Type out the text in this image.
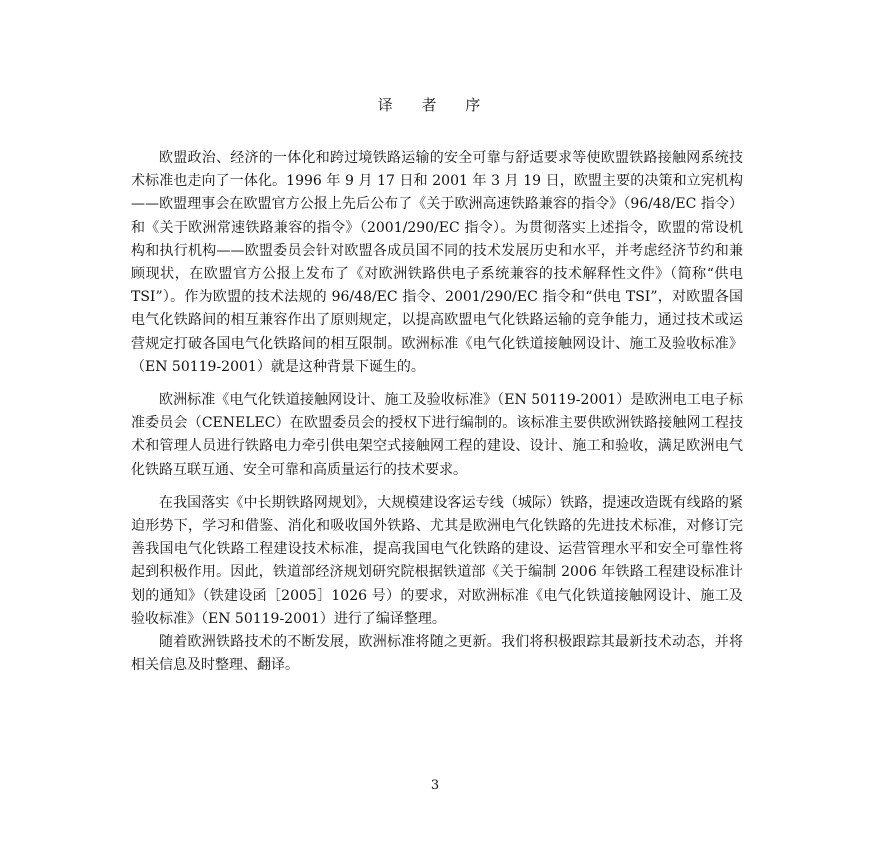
译 者 序

欧盟政治、经济的一体化和跨过境铁路运输的安全可靠与舒适要求等使欧盟铁路接触网系统技术标准也走向了一体化。1996 年 9 月 17 日和 2001 年 3 月 19 日，欧盟主要的决策和立宪机构——欧盟理事会在欧盟官方公报上先后公布了《关于欧洲高速铁路兼容的指令》（96/48/EC 指令）和《关于欧洲常速铁路兼容的指令》（2001/290/EC 指令）。为贯彻落实上述指令，欧盟的常设机构和执行机构——欧盟委员会针对欧盟各成员国不同的技术发展历史和水平，并考虑经济节约和兼顾现状，在欧盟官方公报上发布了《对欧洲铁路供电子系统兼容的技术解释性文件》（简称“供电 TSI”）。作为欧盟的技术法规的 96/48/EC 指令、2001/290/EC 指令和“供电 TSI”，对欧盟各国电气化铁路间的相互兼容作出了原则规定，以提高欧盟电气化铁路运输的竞争能力，通过技术或运营规定打破各国电气化铁路间的相互限制。欧洲标准《电气化铁道接触网设计、施工及验收标准》（EN 50119-2001）就是这种背景下诞生的。

欧洲标准《电气化铁道接触网设计、施工及验收标准》（EN 50119-2001）是欧洲电工电子标准委员会（CENELEC）在欧盟委员会的授权下进行编制的。该标准主要供欧洲铁路接触网工程技术和管理人员进行铁路电力牵引供电架空式接触网工程的建设、设计、施工和验收，满足欧洲电气化铁路互联互通、安全可靠和高质量运行的技术要求。

在我国落实《中长期铁路网规划》，大规模建设客运专线（城际）铁路，提速改造既有线路的紧迫形势下，学习和借鉴、消化和吸收国外铁路、尤其是欧洲电气化铁路的先进技术标准，对修订完善我国电气化铁路工程建设技术标准，提高我国电气化铁路的建设、运营管理水平和安全可靠性将起到积极作用。因此，铁道部经济规划研究院根据铁道部《关于编制 2006 年铁路工程建设标准计划的通知》（铁建设函［2005］1026 号）的要求，对欧洲标准《电气化铁道接触网设计、施工及验收标准》（EN 50119-2001）进行了编译整理。

随着欧洲铁路技术的不断发展，欧洲标准将随之更新。我们将积极跟踪其最新技术动态，并将相关信息及时整理、翻译。

3
